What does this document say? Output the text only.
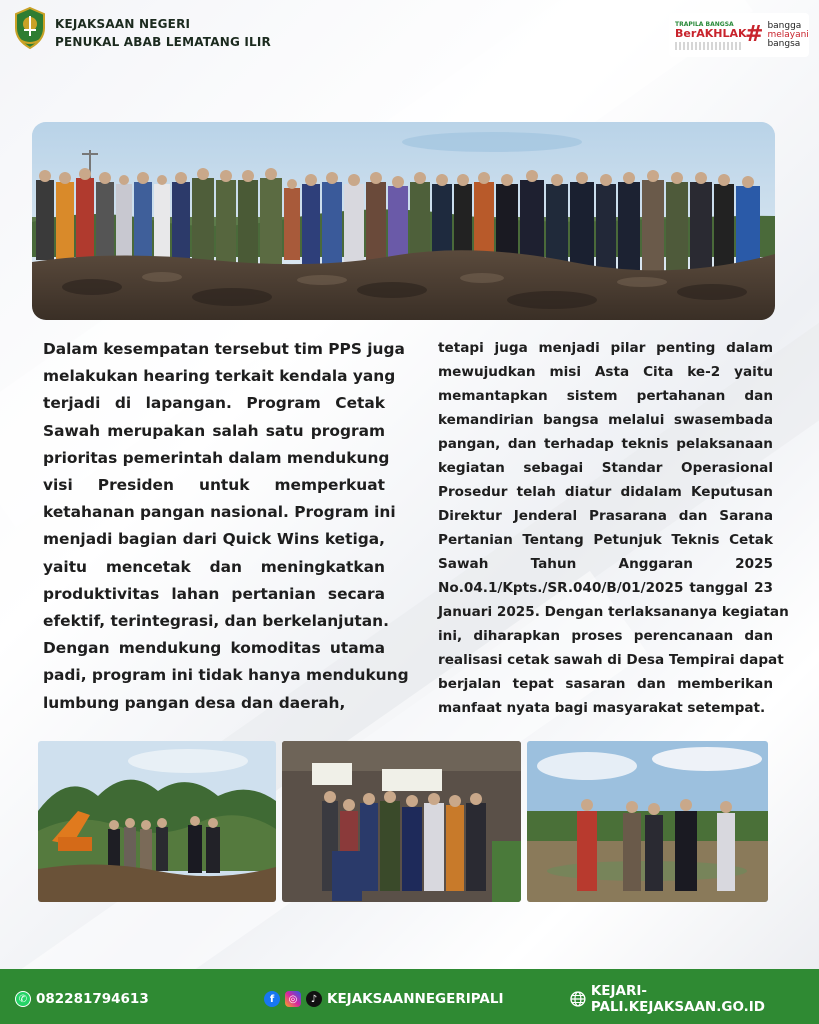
KEJAKSAAN NEGERI
PENUKAL ABAB LEMATANG ILIR
TRAPILA BANGSA
BerAKHLAK
# bangga
melayani
bangsa
Dalam kesempatan tersebut tim PPS juga
melakukan hearing terkait kendala yang
terjadi di lapangan. Program Cetak
Sawah merupakan salah satu program
prioritas pemerintah dalam mendukung
visi Presiden untuk memperkuat
ketahanan pangan nasional. Program ini
menjadi bagian dari Quick Wins ketiga,
yaitu mencetak dan meningkatkan
produktivitas lahan pertanian secara
efektif, terintegrasi, dan berkelanjutan.
Dengan mendukung komoditas utama
padi, program ini tidak hanya mendukung
lumbung pangan desa dan daerah,
tetapi juga menjadi pilar penting dalam
mewujudkan misi Asta Cita ke-2 yaitu
memantapkan sistem pertahanan dan
kemandirian bangsa melalui swasembada
pangan, dan terhadap teknis pelaksanaan
kegiatan sebagai Standar Operasional
Prosedur telah diatur didalam Keputusan
Direktur Jenderal Prasarana dan Sarana
Pertanian Tentang Petunjuk Teknis Cetak
Sawah Tahun Anggaran 2025
No.04.1/Kpts./SR.040/B/01/2025 tanggal 23
Januari 2025. Dengan terlaksananya kegiatan
ini, diharapkan proses perencanaan dan
realisasi cetak sawah di Desa Tempirai dapat
berjalan tepat sasaran dan memberikan
manfaat nyata bagi masyarakat setempat.
✆ 082281794613	f	◎	♪ KEJAKSAANNEGERIPALI	KEJARI-PALI.KEJAKSAAN.GO.ID
